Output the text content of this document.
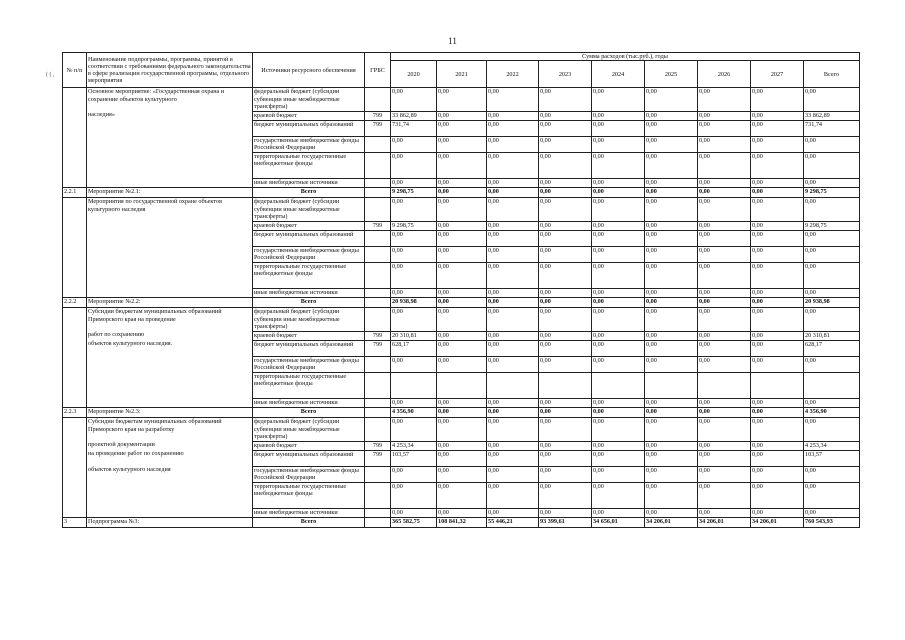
11
( ( ,
№ п/п	Наименование подпрограммы, программы, принятой в соответствии с требованиями федерального законодательства в сфере реализации государственной программы, отдельного мероприятия	Источники ресурсного обеспечения	ГРБС	Сумма расходов (тыс.руб.), годы								
				2020	2021	2022	2023	2024	2025	2026	2027	Всего

	Основное мероприятие: «Государственная охрана и сохранение объектов культурного
наследия»	федеральный бюджет (субсидии субвенции иные межбюджетные трансферты)		0,00	0,00	0,00	0,00	0,00	0,00	0,00	0,00	0,00
		краевой бюджет	799	33 862,89	0,00	0,00	0,00	0,00	0,00	0,00	0,00	33 862,89
		бюджет муниципальных образований	799	731,74	0,00	0,00	0,00	0,00	0,00	0,00	0,00	731,74
		государственные внебюджетные фонды Российской Федерации		0,00	0,00	0,00	0,00	0,00	0,00	0,00	0,00	0,00
		территориальные государственные внебюджетные фонды		0,00	0,00	0,00	0,00	0,00	0,00	0,00	0,00	0,00
		иные внебюджетные источники		0,00	0,00	0,00	0,00	0,00	0,00	0,00	0,00	0,00
2.2.1	Мероприятие №2.1:	Всего		9 298,75	0,00	0,00	0,00	0,00	0,00	0,00	0,00	9 298,75

	Мероприятия по государственной охране объектов культурного наследия	федеральный бюджет (субсидии субвенции иные межбюджетные трансферты)		0,00	0,00	0,00	0,00	0,00	0,00	0,00	0,00	0,00
		краевой бюджет	799	9 298,75	0,00	0,00	0,00	0,00	0,00	0,00	0,00	9 298,75
		бюджет муниципальных образований		0,00	0,00	0,00	0,00	0,00	0,00	0,00	0,00	0,00
		государственные внебюджетные фонды Российской Федерации		0,00	0,00	0,00	0,00	0,00	0,00	0,00	0,00	0,00
		территориальные государственные внебюджетные фонды		0,00	0,00	0,00	0,00	0,00	0,00	0,00	0,00	0,00
		иные внебюджетные источники		0,00	0,00	0,00	0,00	0,00	0,00	0,00	0,00	0,00
2.2.2	Мероприятие №2.2:	Всего		20 938,98	0,00	0,00	0,00	0,00	0,00	0,00	0,00	20 938,98

	Субсидии бюджетам муниципальных образований Приморского края на проведение
работ по сохранению
объектов культурного наследия.	федеральный бюджет (субсидии субвенции иные межбюджетные трансферты)		0,00	0,00	0,00	0,00	0,00	0,00	0,00	0,00	0,00
		краевой бюджет	799	20 310,81	0,00	0,00	0,00	0,00	0,00	0,00	0,00	20 310,81
		бюджет муниципальных образований	799	628,17	0,00	0,00	0,00	0,00	0,00	0,00	0,00	628,17
		государственные внебюджетные фонды Российской Федерации		0,00	0,00	0,00	0,00	0,00	0,00	0,00	0,00	0,00
		территориальные государственные внебюджетные фонды										
		иные внебюджетные источники		0,00	0,00	0,00	0,00	0,00	0,00	0,00	0,00	0,00
2.2.3	Мероприятие №2.3:	Всего		4 356,90	0,00	0,00	0,00	0,00	0,00	0,00	0,00	4 356,90

	Субсидии бюджетам муниципальных образований Приморского края на разработку
проектной документации
на проведение работ по сохранению
объектов культурного наследия	федеральный бюджет (субсидии субвенции иные межбюджетные трансферты)		0,00	0,00	0,00	0,00	0,00	0,00	0,00	0,00	0,00
		краевой бюджет	799	4 253,34	0,00	0,00	0,00	0,00	0,00	0,00	0,00	4 253,34
		бюджет муниципальных образований	799	103,57	0,00	0,00	0,00	0,00	0,00	0,00	0,00	103,57
		государственные внебюджетные фонды Российской Федерации		0,00	0,00	0,00	0,00	0,00	0,00	0,00	0,00	0,00
		территориальные государственные внебюджетные фонды		0,00	0,00	0,00	0,00	0,00	0,00	0,00	0,00	0,00
		иные внебюджетные источники		0,00	0,00	0,00	0,00	0,00	0,00	0,00	0,00	0,00
3	Подпрограмма №3:	Всего		365 582,75	108 841,32	55 446,21	93 399,61	34 656,01	34 206,01	34 206,01	34 206,01	760 543,93
